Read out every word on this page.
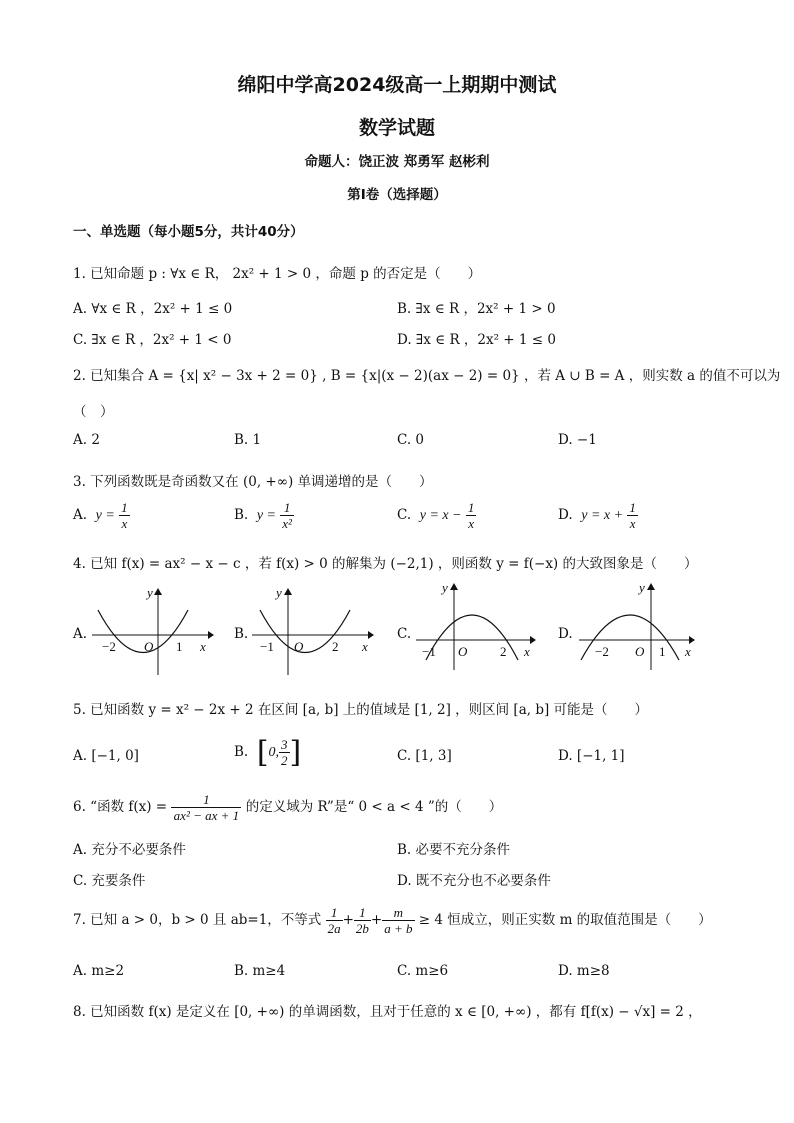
绵阳中学高2024级高一上期期中测试
数学试题
命题人：饶正波 郑勇军 赵彬利
第Ⅰ卷（选择题）
一、单选题（每小题5分，共计40分）
1. 已知命题 p : ∀x ∈ R， 2x² + 1 > 0 ，命题 p 的否定是（　　）
A. ∀x ∈ R ，2x² + 1 ≤ 0	B. ∃x ∈ R ，2x² + 1 > 0
C. ∃x ∈ R ，2x² + 1 < 0	D. ∃x ∈ R ，2x² + 1 ≤ 0
2. 已知集合 A = {x| x² − 3x + 2 = 0} , B = {x|(x − 2)(ax − 2) = 0} ，若 A ∪ B = A ，则实数 a 的值不可以为
（　）
A. 2	B. 1	C. 0	D. −1
3. 下列函数既是奇函数又在 (0, +∞) 单调递增的是（　　）
A. $y = \frac{1}{x}$	B. $y = \frac{1}{\text{x²}}$	C. $y = x - \frac{1}{x}$	D. $y = x + \frac{1}{x}$
4. 已知 f(x) = ax² − x − c ，若 f(x) > 0 的解集为 (−2,1) ，则函数 y = f(−x) 的大致图象是（　　）
A.
y
x
O
−2	1
B.
y
x
O
−1	2
C.
y
x
O
−1	2
D.
y
x
O
−2	1
5. 已知函数 y = x² − 2x + 2 在区间 [a, b] 上的值域是 [1, 2] ，则区间 [a, b] 可能是（　　）
A. [−1, 0]	B. [0, $\frac{3}{2}$ ]	C. [1, 3]	D. [−1, 1]
6. “函数 $f(x) = \frac{1}{\text{ax² − ax + 1}}$ 的定义域为 R”是“ 0 < a < 4 ”的（　　）
A. 充分不必要条件	B. 必要不充分条件
C. 充要条件	D. 既不充分也不必要条件
7. 已知 a > 0，b > 0 且 ab=1，不等式 $\frac{1}{2a} + \frac{1}{2b} + \frac{m}{a + b} \ge 4$ 恒成立，则正实数 m 的取值范围是（　　）
A. m≥2	B. m≥4	C. m≥6	D. m≥8
8. 已知函数 f(x) 是定义在 [0, +∞) 的单调函数，且对于任意的 x ∈ [0, +∞) ，都有 f[f(x) − √x] = 2 ，
